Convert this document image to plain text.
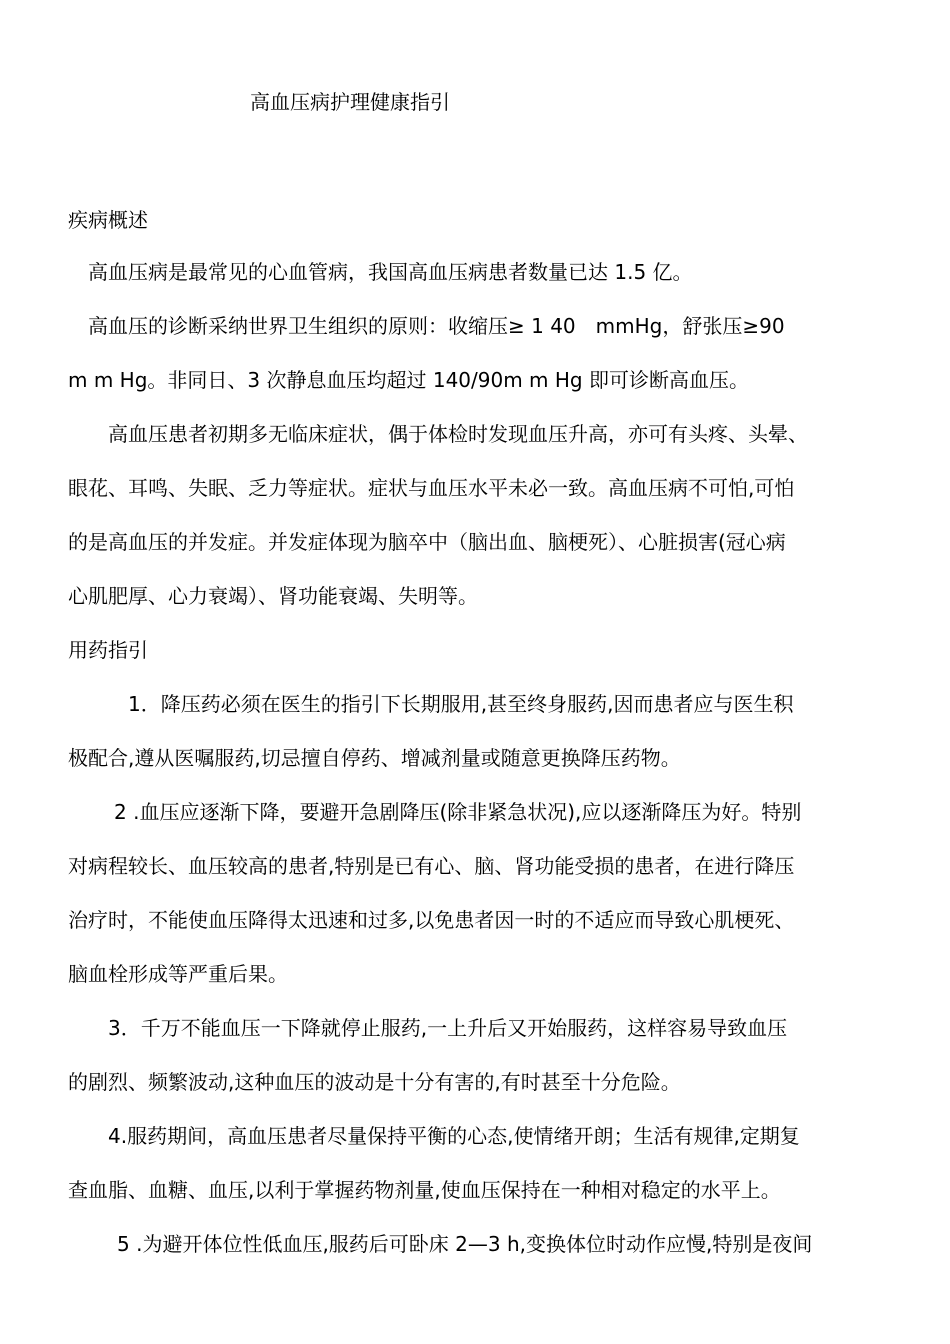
高血压病护理健康指引
疾病概述
高血压病是最常见的心血管病，我国高血压病患者数量已达 1.5 亿。
高血压的诊断采纳世界卫生组织的原则：收缩压≥ 1 40　mmHg，舒张压≥90
m m Hg。非同日、3 次静息血压均超过 140/90m m Hg 即可诊断高血压。
高血压患者初期多无临床症状，偶于体检时发现血压升高，亦可有头疼、头晕、
眼花、耳鸣、失眠、乏力等症状。症状与血压水平未必一致。高血压病不可怕,可怕
的是高血压的并发症。并发症体现为脑卒中（脑出血、脑梗死）、心脏损害(冠心病
心肌肥厚、心力衰竭）、肾功能衰竭、失明等。
用药指引
1．降压药必须在医生的指引下长期服用,甚至终身服药,因而患者应与医生积
极配合,遵从医嘱服药,切忌擅自停药、增减剂量或随意更换降压药物。
2 .血压应逐渐下降，要避开急剧降压(除非紧急状况),应以逐渐降压为好。特别
对病程较长、血压较高的患者,特别是已有心、脑、肾功能受损的患者，在进行降压
治疗时，不能使血压降得太迅速和过多,以免患者因一时的不适应而导致心肌梗死、
脑血栓形成等严重后果。
3．千万不能血压一下降就停止服药,一上升后又开始服药，这样容易导致血压
的剧烈、频繁波动,这种血压的波动是十分有害的,有时甚至十分危险。
4.服药期间，高血压患者尽量保持平衡的心态,使情绪开朗；生活有规律,定期复
查血脂、血糖、血压,以利于掌握药物剂量,使血压保持在一种相对稳定的水平上。
5 .为避开体位性低血压,服药后可卧床 2—3 h,变换体位时动作应慢,特别是夜间
